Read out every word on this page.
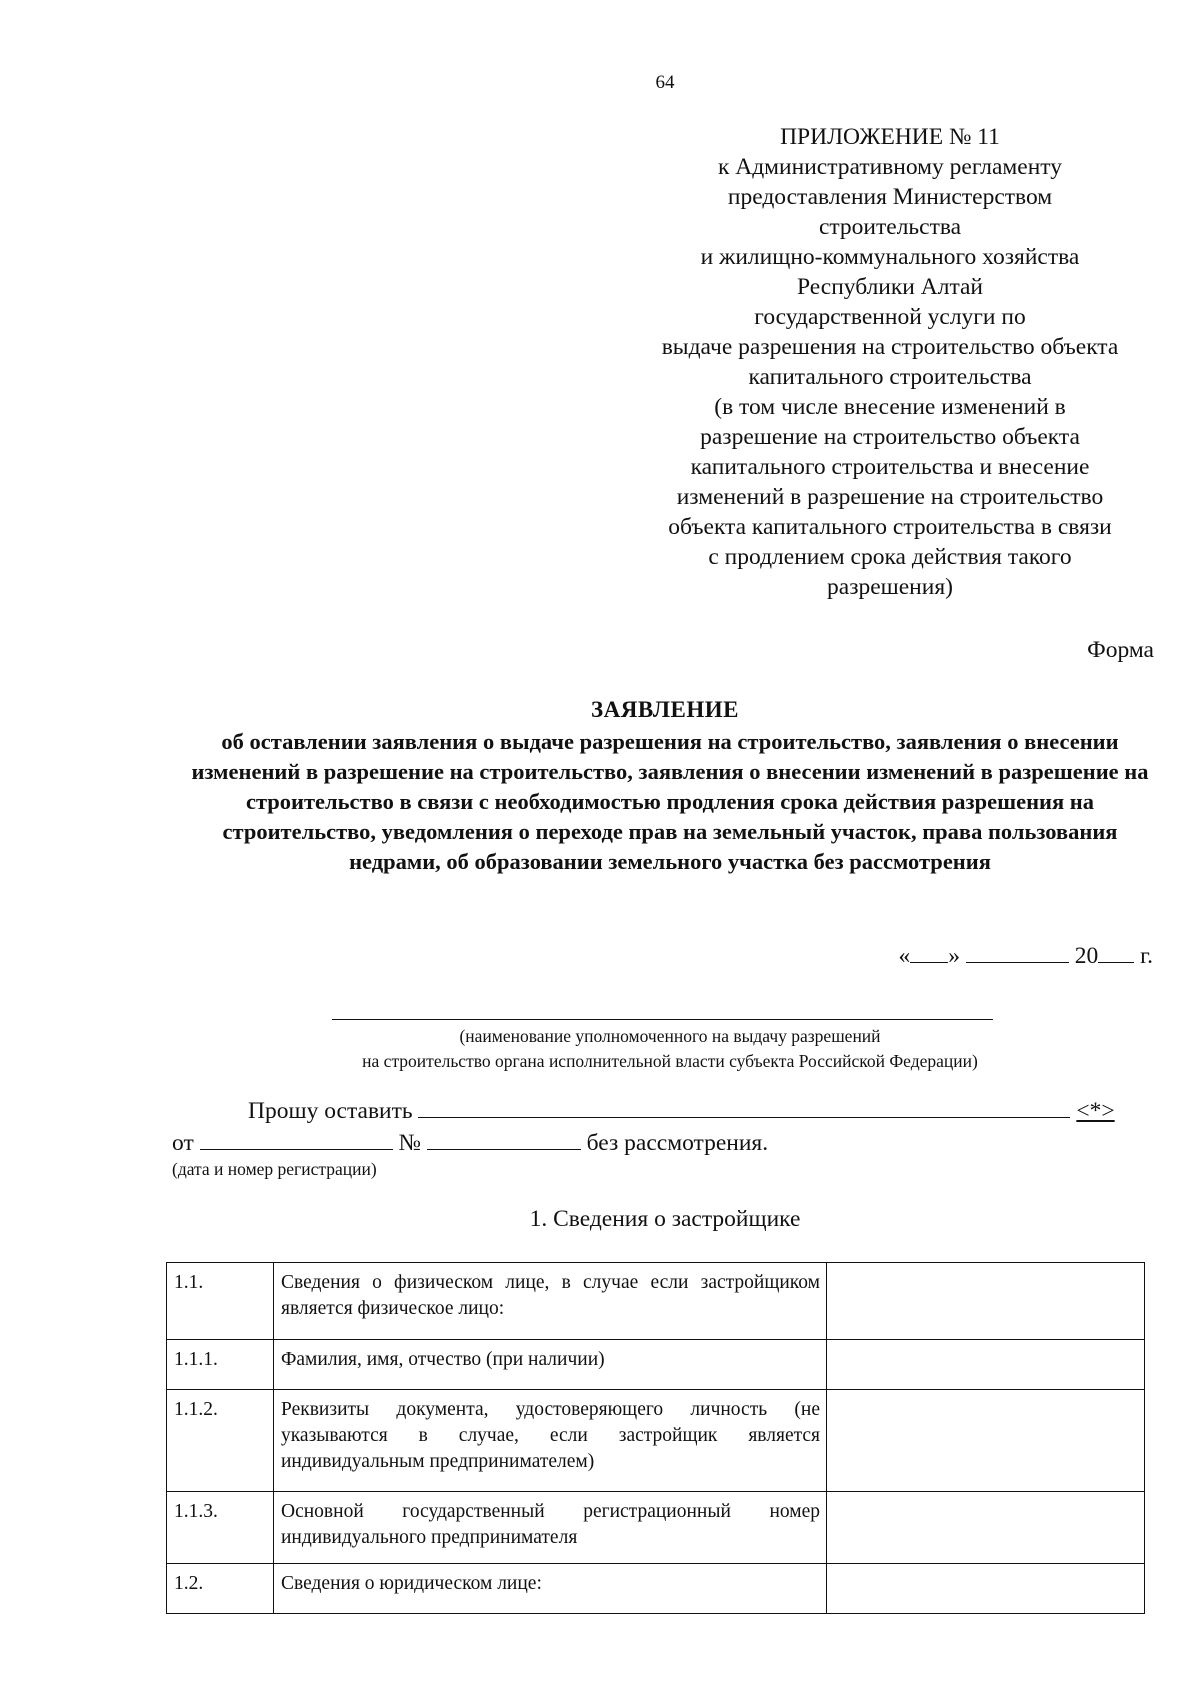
64
ПРИЛОЖЕНИЕ № 11
к Административному регламенту
предоставления Министерством
строительства
и жилищно-коммунального хозяйства
Республики Алтай
государственной услуги по
выдаче разрешения на строительство объекта
капитального строительства
(в том числе внесение изменений в
разрешение на строительство объекта
капитального строительства и внесение
изменений в разрешение на строительство
объекта капитального строительства в связи
с продлением срока действия такого
разрешения)
Форма
ЗАЯВЛЕНИЕ
об оставлении заявления о выдаче разрешения на строительство, заявления о внесении изменений в разрешение на строительство, заявления о внесении изменений в разрешение на строительство в связи с необходимостью продления срока действия разрешения на строительство, уведомления о переходе прав на земельный участок, права пользования недрами, об образовании земельного участка без рассмотрения
« »	20 г.
(наименование уполномоченного на выдачу разрешений
на строительство органа исполнительной власти субъекта Российской Федерации)
Прошу оставить	<*>
от	№	без рассмотрения.
(дата и номер регистрации)
1. Сведения о застройщике
1.1.	Сведения о физическом лице, в случае если застройщиком является физическое лицо:	
1.1.1.	Фамилия, имя, отчество (при наличии)	
1.1.2.	Реквизиты документа, удостоверяющего личность (не указываются в случае, если застройщик является индивидуальным предпринимателем)	
1.1.3.	Основной государственный регистрационный номер индивидуального предпринимателя	
1.2.	Сведения о юридическом лице:	
